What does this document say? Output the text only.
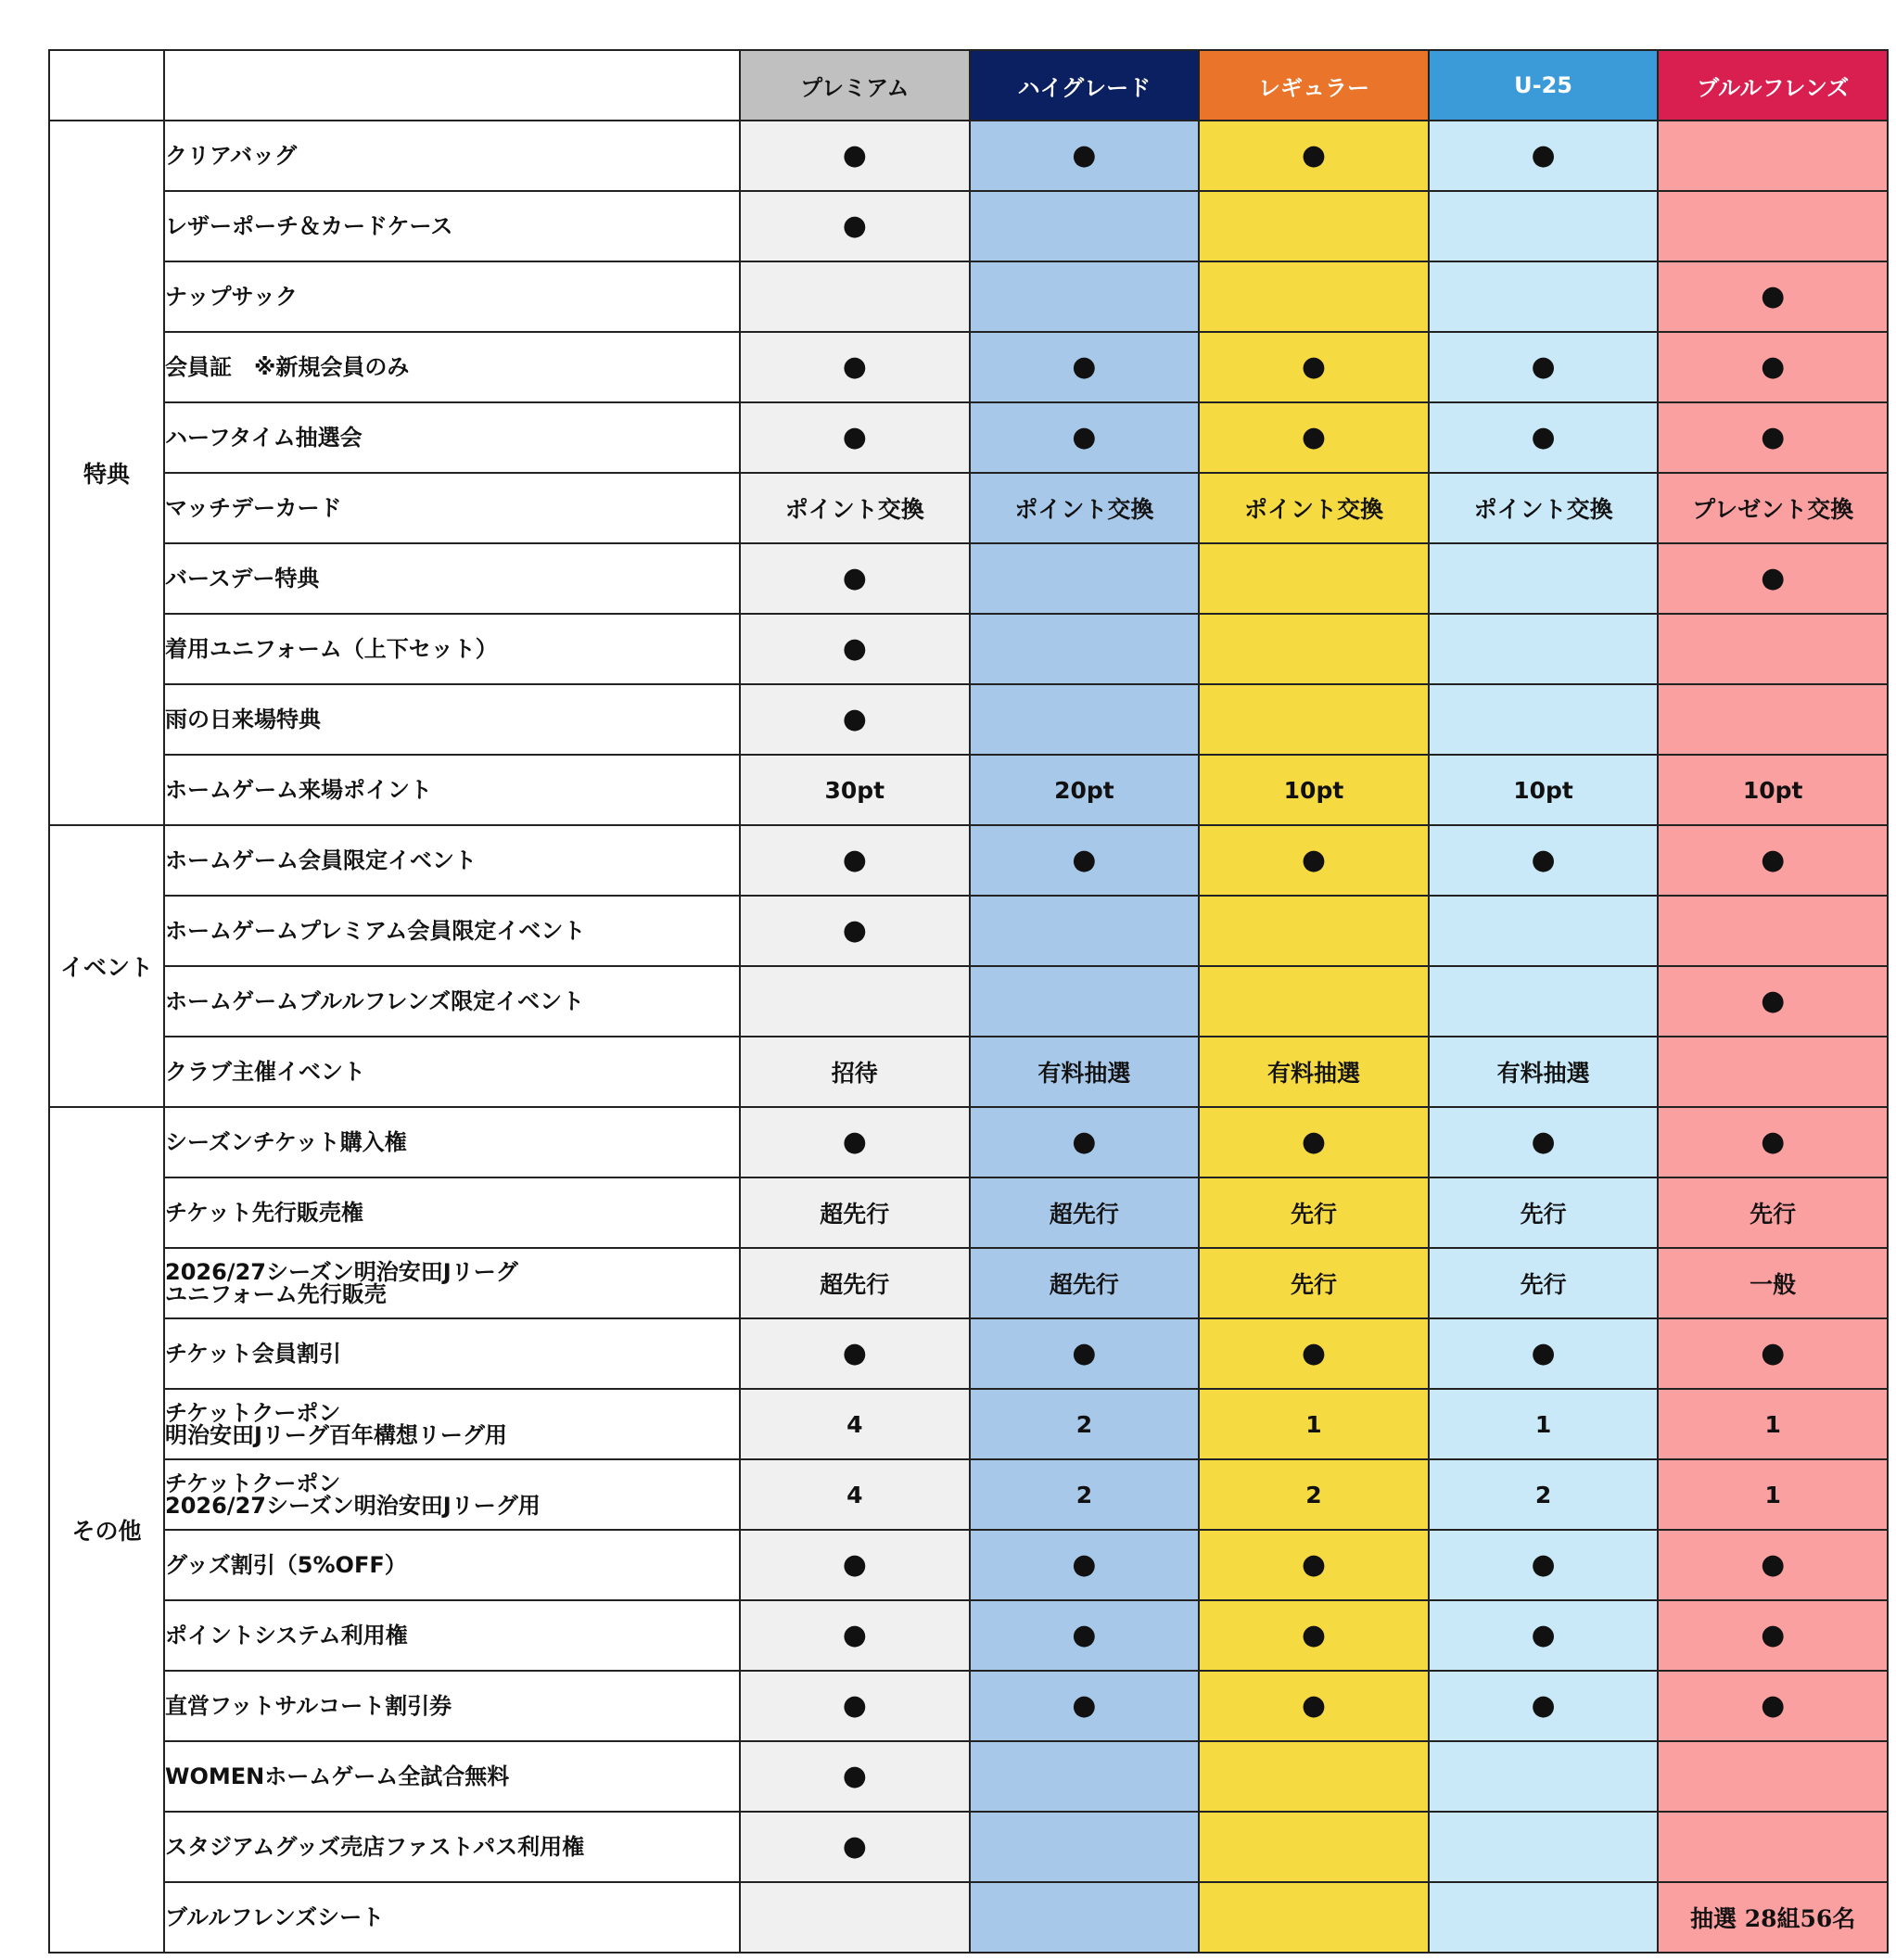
		プレミアム	ハイグレード	レギュラー	U-25	ブルルフレンズ
特典	クリアバッグ	●	●	●	●	

	レザーポーチ＆カードケース	●				

	ナップサック					●

	会員証　※新規会員のみ	●	●	●	●	●

	ハーフタイム抽選会	●	●	●	●	●

	マッチデーカード	ポイント交換	ポイント交換	ポイント交換	ポイント交換	プレゼント交換

	バースデー特典	●				●

	着用ユニフォーム（上下セット）	●				

	雨の日来場特典	●				

	ホームゲーム来場ポイント	30pt	20pt	10pt	10pt	10pt
イベント	ホームゲーム会員限定イベント	●	●	●	●	●

	ホームゲームプレミアム会員限定イベント	●				

	ホームゲームブルルフレンズ限定イベント					●

	クラブ主催イベント	招待	有料抽選	有料抽選	有料抽選	
その他	シーズンチケット購入権	●	●	●	●	●

	チケット先行販売権	超先行	超先行	先行	先行	先行

	2026/27シーズン明治安田Jリーグ
ユニフォーム先行販売	超先行	超先行	先行	先行	一般

	チケット会員割引	●	●	●	●	●

	チケットクーポン
明治安田Jリーグ百年構想リーグ用	4	2	1	1	1

	チケットクーポン
2026/27シーズン明治安田Jリーグ用	4	2	2	2	1

	グッズ割引（5%OFF）	●	●	●	●	●

	ポイントシステム利用権	●	●	●	●	●

	直営フットサルコート割引券	●	●	●	●	●

	WOMENホームゲーム全試合無料	●				

	スタジアムグッズ売店ファストパス利用権	●				

	ブルルフレンズシート					抽選 28組56名
